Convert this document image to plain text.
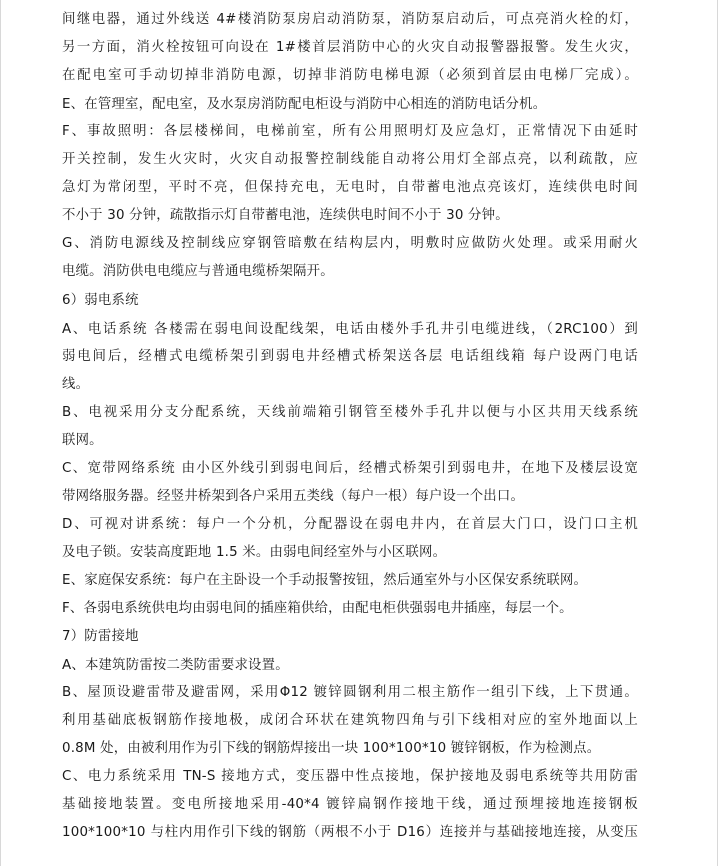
间继电器，通过外线送 4#楼消防泵房启动消防泵，消防泵启动后，可点亮消火栓的灯，
另一方面，消火栓按钮可向设在 1#楼首层消防中心的火灾自动报警器报警。发生火灾，
在配电室可手动切掉非消防电源，切掉非消防电梯电源（必须到首层由电梯厂完成）。
E、在管理室，配电室，及水泵房消防配电柜设与消防中心相连的消防电话分机。
F、事故照明：各层楼梯间，电梯前室，所有公用照明灯及应急灯，正常情况下由延时
开关控制，发生火灾时，火灾自动报警控制线能自动将公用灯全部点亮，以利疏散，应
急灯为常闭型，平时不亮，但保持充电，无电时，自带蓄电池点亮该灯，连续供电时间
不小于 30 分钟，疏散指示灯自带蓄电池，连续供电时间不小于 30 分钟。
G、消防电源线及控制线应穿钢管暗敷在结构层内，明敷时应做防火处理。或采用耐火
电缆。消防供电电缆应与普通电缆桥架隔开。
6）弱电系统
A、电话系统 各楼需在弱电间设配线架，电话由楼外手孔井引电缆进线，（2RC100）到
弱电间后，经槽式电缆桥架引到弱电井经槽式桥架送各层 电话组线箱 每户设两门电话
线。
B、电视采用分支分配系统，天线前端箱引钢管至楼外手孔井以便与小区共用天线系统
联网。
C、宽带网络系统 由小区外线引到弱电间后，经槽式桥架引到弱电井，在地下及楼层设宽
带网络服务器。经竖井桥架到各户采用五类线（每户一根）每户设一个出口。
D、可视对讲系统：每户一个分机，分配器设在弱电井内，在首层大门口，设门口主机
及电子锁。安装高度距地 1.5 米。由弱电间经室外与小区联网。
E、家庭保安系统：每户在主卧设一个手动报警按钮，然后通室外与小区保安系统联网。
F、各弱电系统供电均由弱电间的插座箱供给，由配电柜供强弱电井插座，每层一个。
7）防雷接地
A、本建筑防雷按二类防雷要求设置。
B、屋顶设避雷带及避雷网，采用Φ12 镀锌圆钢利用二根主筋作一组引下线，上下贯通。
利用基础底板钢筋作接地极，成闭合环状在建筑物四角与引下线相对应的室外地面以上
0.8M 处，由被利用作为引下线的钢筋焊接出一块 100*100*10 镀锌钢板，作为检测点。
C、电力系统采用 TN-S 接地方式，变压器中性点接地，保护接地及弱电系统等共用防雷
基础接地装置。变电所接地采用-40*4 镀锌扁钢作接地干线，通过预埋接地连接钢板
100*100*10 与柱内用作引下线的钢筋（两根不小于 D16）连接并与基础接地连接，从变压
